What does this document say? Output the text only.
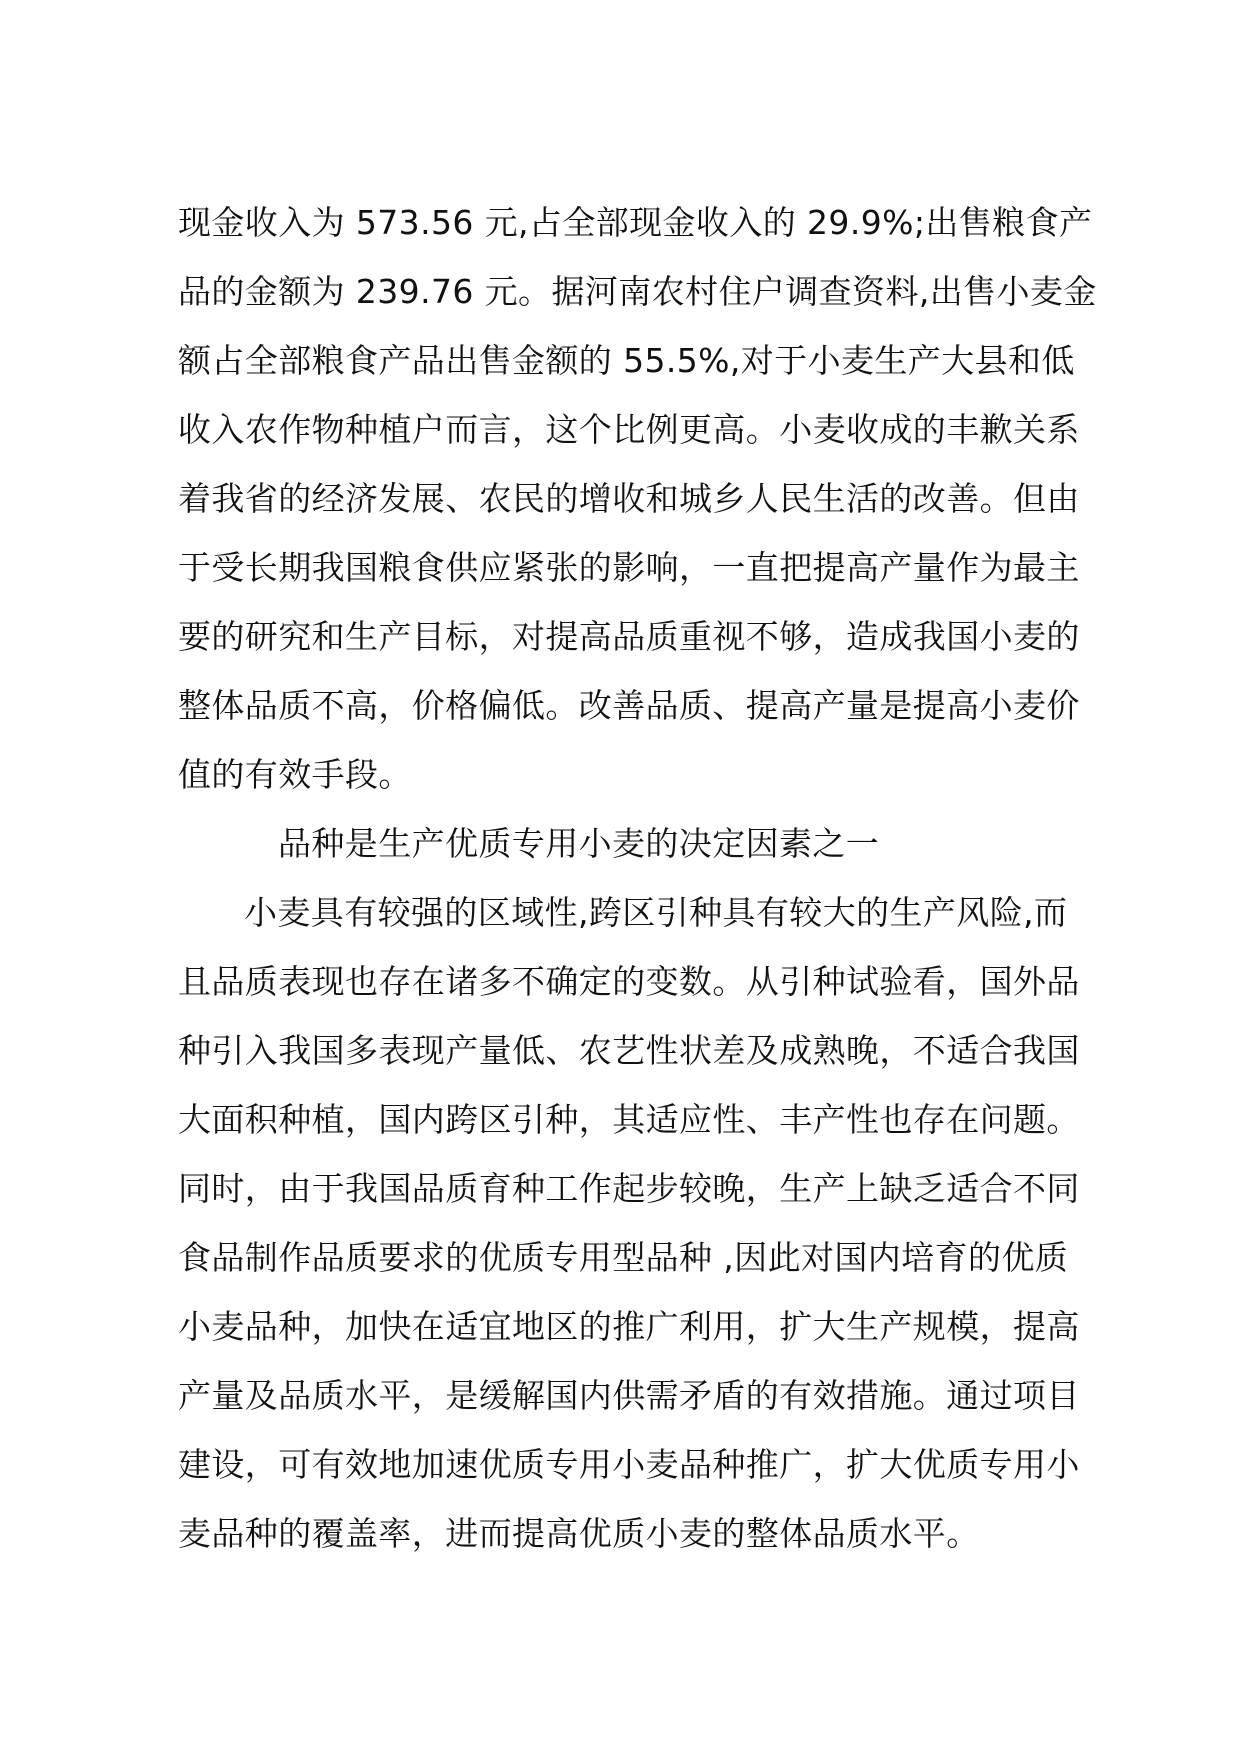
现金收入为 573.56 元,占全部现金收入的 29.9%;出售粮食产
品的金额为 239.76 元。据河南农村住户调查资料,出售小麦金
额占全部粮食产品出售金额的 55.5%,对于小麦生产大县和低
收入农作物种植户而言，这个比例更高。小麦收成的丰歉关系
着我省的经济发展、农民的增收和城乡人民生活的改善。但由
于受长期我国粮食供应紧张的影响，一直把提高产量作为最主
要的研究和生产目标，对提高品质重视不够，造成我国小麦的
整体品质不高，价格偏低。改善品质、提高产量是提高小麦价
值的有效手段。
品种是生产优质专用小麦的决定因素之一
小麦具有较强的区域性,跨区引种具有较大的生产风险,而
且品质表现也存在诸多不确定的变数。从引种试验看，国外品
种引入我国多表现产量低、农艺性状差及成熟晚，不适合我国
大面积种植，国内跨区引种，其适应性、丰产性也存在问题。
同时，由于我国品质育种工作起步较晚，生产上缺乏适合不同
食品制作品质要求的优质专用型品种 ,因此对国内培育的优质
小麦品种，加快在适宜地区的推广利用，扩大生产规模，提高
产量及品质水平，是缓解国内供需矛盾的有效措施。通过项目
建设，可有效地加速优质专用小麦品种推广，扩大优质专用小
麦品种的覆盖率，进而提高优质小麦的整体品质水平。
